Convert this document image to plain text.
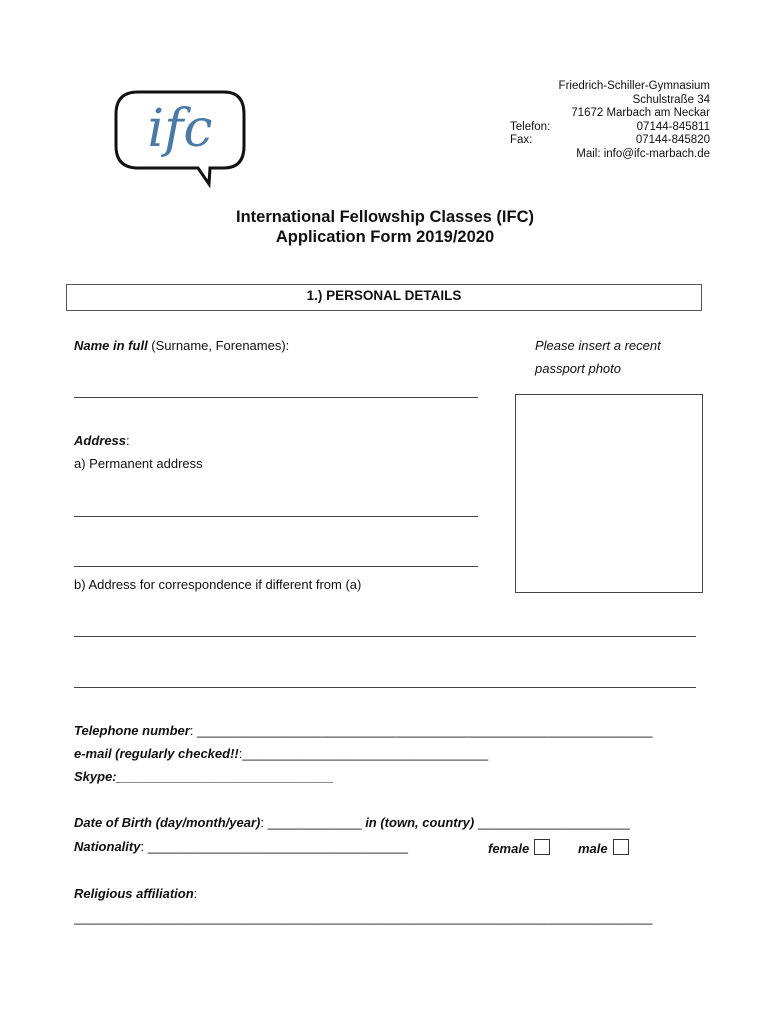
ifc
Friedrich-Schiller-Gymnasium
Schulstraße 34
71672 Marbach am Neckar
Telefon:	07144-845811
Fax:	07144-845820
Mail: info@ifc-marbach.de
International Fellowship Classes (IFC)
Application Form 2019/2020
1.) PERSONAL DETAILS
Name in full (Surname, Forenames):	Please insert a recent
passport photo
Address:
a) Permanent address
b) Address for correspondence if different from (a)
Telephone number: _______________________________________________________________
e-mail (regularly checked!!:__________________________________
Skype:______________________________
Date of Birth (day/month/year): _____________ in (town, country) _____________________
Nationality: ____________________________________	female	male
Religious affiliation:
________________________________________________________________________________
